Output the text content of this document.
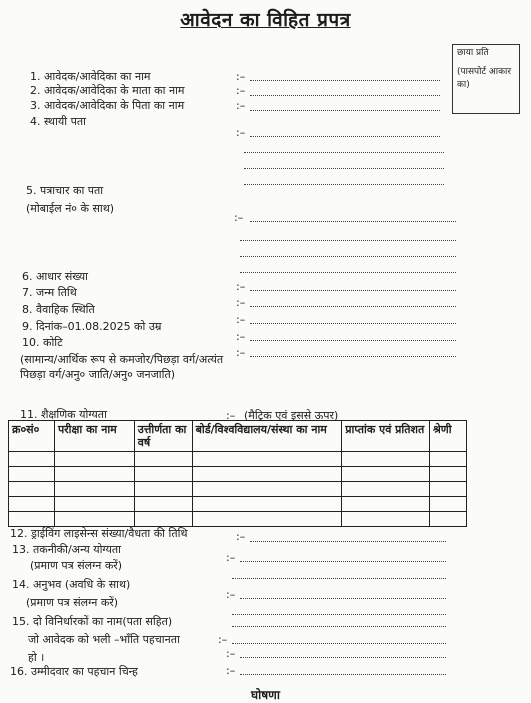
आवेदन का विहित प्रपत्र
छाया प्रति
(पासपोर्ट आकार का)
1. आवेदक/आवेदिका का नाम	:–
2. आवेदक/आवेदिका के माता का नाम	:–
3. आवेदक/आवेदिका के पिता का नाम	:–
4. स्थायी पता
:–
5. पत्राचार का पता
(मोबाईल नं० के साथ)
:–
6. आधार संख्या
:–
7. जन्म तिथि
:–
8. वैवाहिक स्थिति
:–
9. दिनांक–01.08.2025 को उम्र
:–
10. कोटि
:–
(सामान्य/आर्थिक रूप से कमजोर/पिछड़ा वर्ग/अत्यंत पिछड़ा वर्ग/अनु० जाति/अनु० जनजाति)
11. शैक्षणिक योग्यता	:– (मैट्रिक एवं इससे ऊपर)
क्र०सं०	परीक्षा का नाम	उत्तीर्णता का वर्ष	बोर्ड/विश्वविद्यालय/संस्था का नाम	प्राप्तांक एवं प्रतिशत	श्रेणी

12. ड्राईविंग लाइसेन्स संख्या/वैधता की तिथि	:–
13. तकनीकी/अन्य योग्यता
(प्रमाण पत्र संलग्न करें)
:–
14. अनुभव (अवधि के साथ)
(प्रमाण पत्र संलग्न करें)
:–
15. दो विनिर्धारकों का नाम(पता सहित)
जो आवेदक को भली –भाँति पहचानता
हो ।
:–
:–
16. उम्मीदवार का पहचान चिन्ह	:–
घोषणा
